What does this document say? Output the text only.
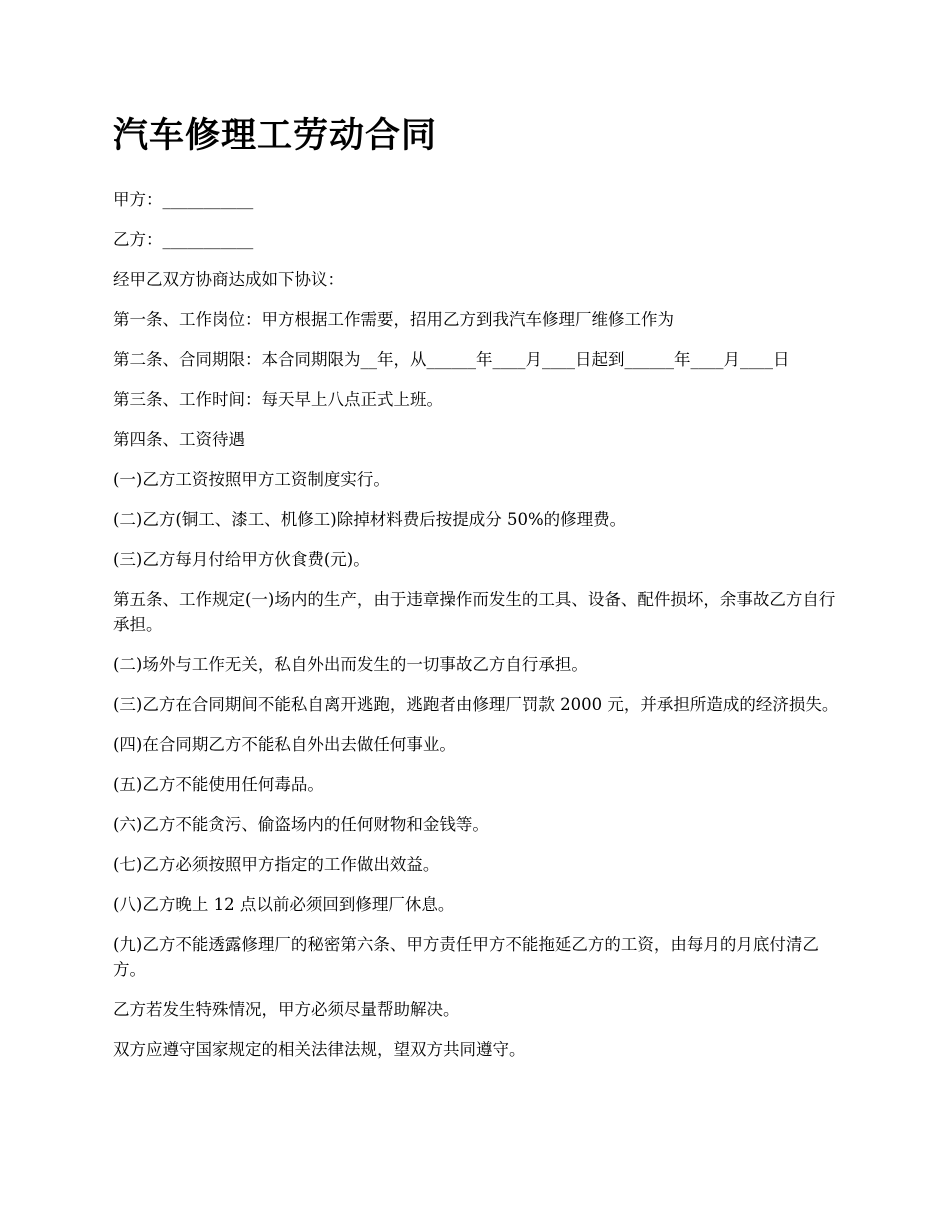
汽车修理工劳动合同

甲方：___________

乙方：___________

经甲乙双方协商达成如下协议：

第一条、工作岗位：甲方根据工作需要，招用乙方到我汽车修理厂维修工作为

第二条、合同期限：本合同期限为__年，从______年____月____日起到______年____月____日

第三条、工作时间：每天早上八点正式上班。

第四条、工资待遇

(一)乙方工资按照甲方工资制度实行。

(二)乙方(铜工、漆工、机修工)除掉材料费后按提成分 50%的修理费。

(三)乙方每月付给甲方伙食费(元)。

第五条、工作规定(一)场内的生产，由于违章操作而发生的工具、设备、配件损坏，余事故乙方自行承担。

(二)场外与工作无关，私自外出而发生的一切事故乙方自行承担。

(三)乙方在合同期间不能私自离开逃跑，逃跑者由修理厂罚款 2000 元，并承担所造成的经济损失。

(四)在合同期乙方不能私自外出去做任何事业。

(五)乙方不能使用任何毒品。

(六)乙方不能贪污、偷盗场内的任何财物和金钱等。

(七)乙方必须按照甲方指定的工作做出效益。

(八)乙方晚上 12 点以前必须回到修理厂休息。

(九)乙方不能透露修理厂的秘密第六条、甲方责任甲方不能拖延乙方的工资，由每月的月底付清乙方。

乙方若发生特殊情况，甲方必须尽量帮助解决。

双方应遵守国家规定的相关法律法规，望双方共同遵守。
